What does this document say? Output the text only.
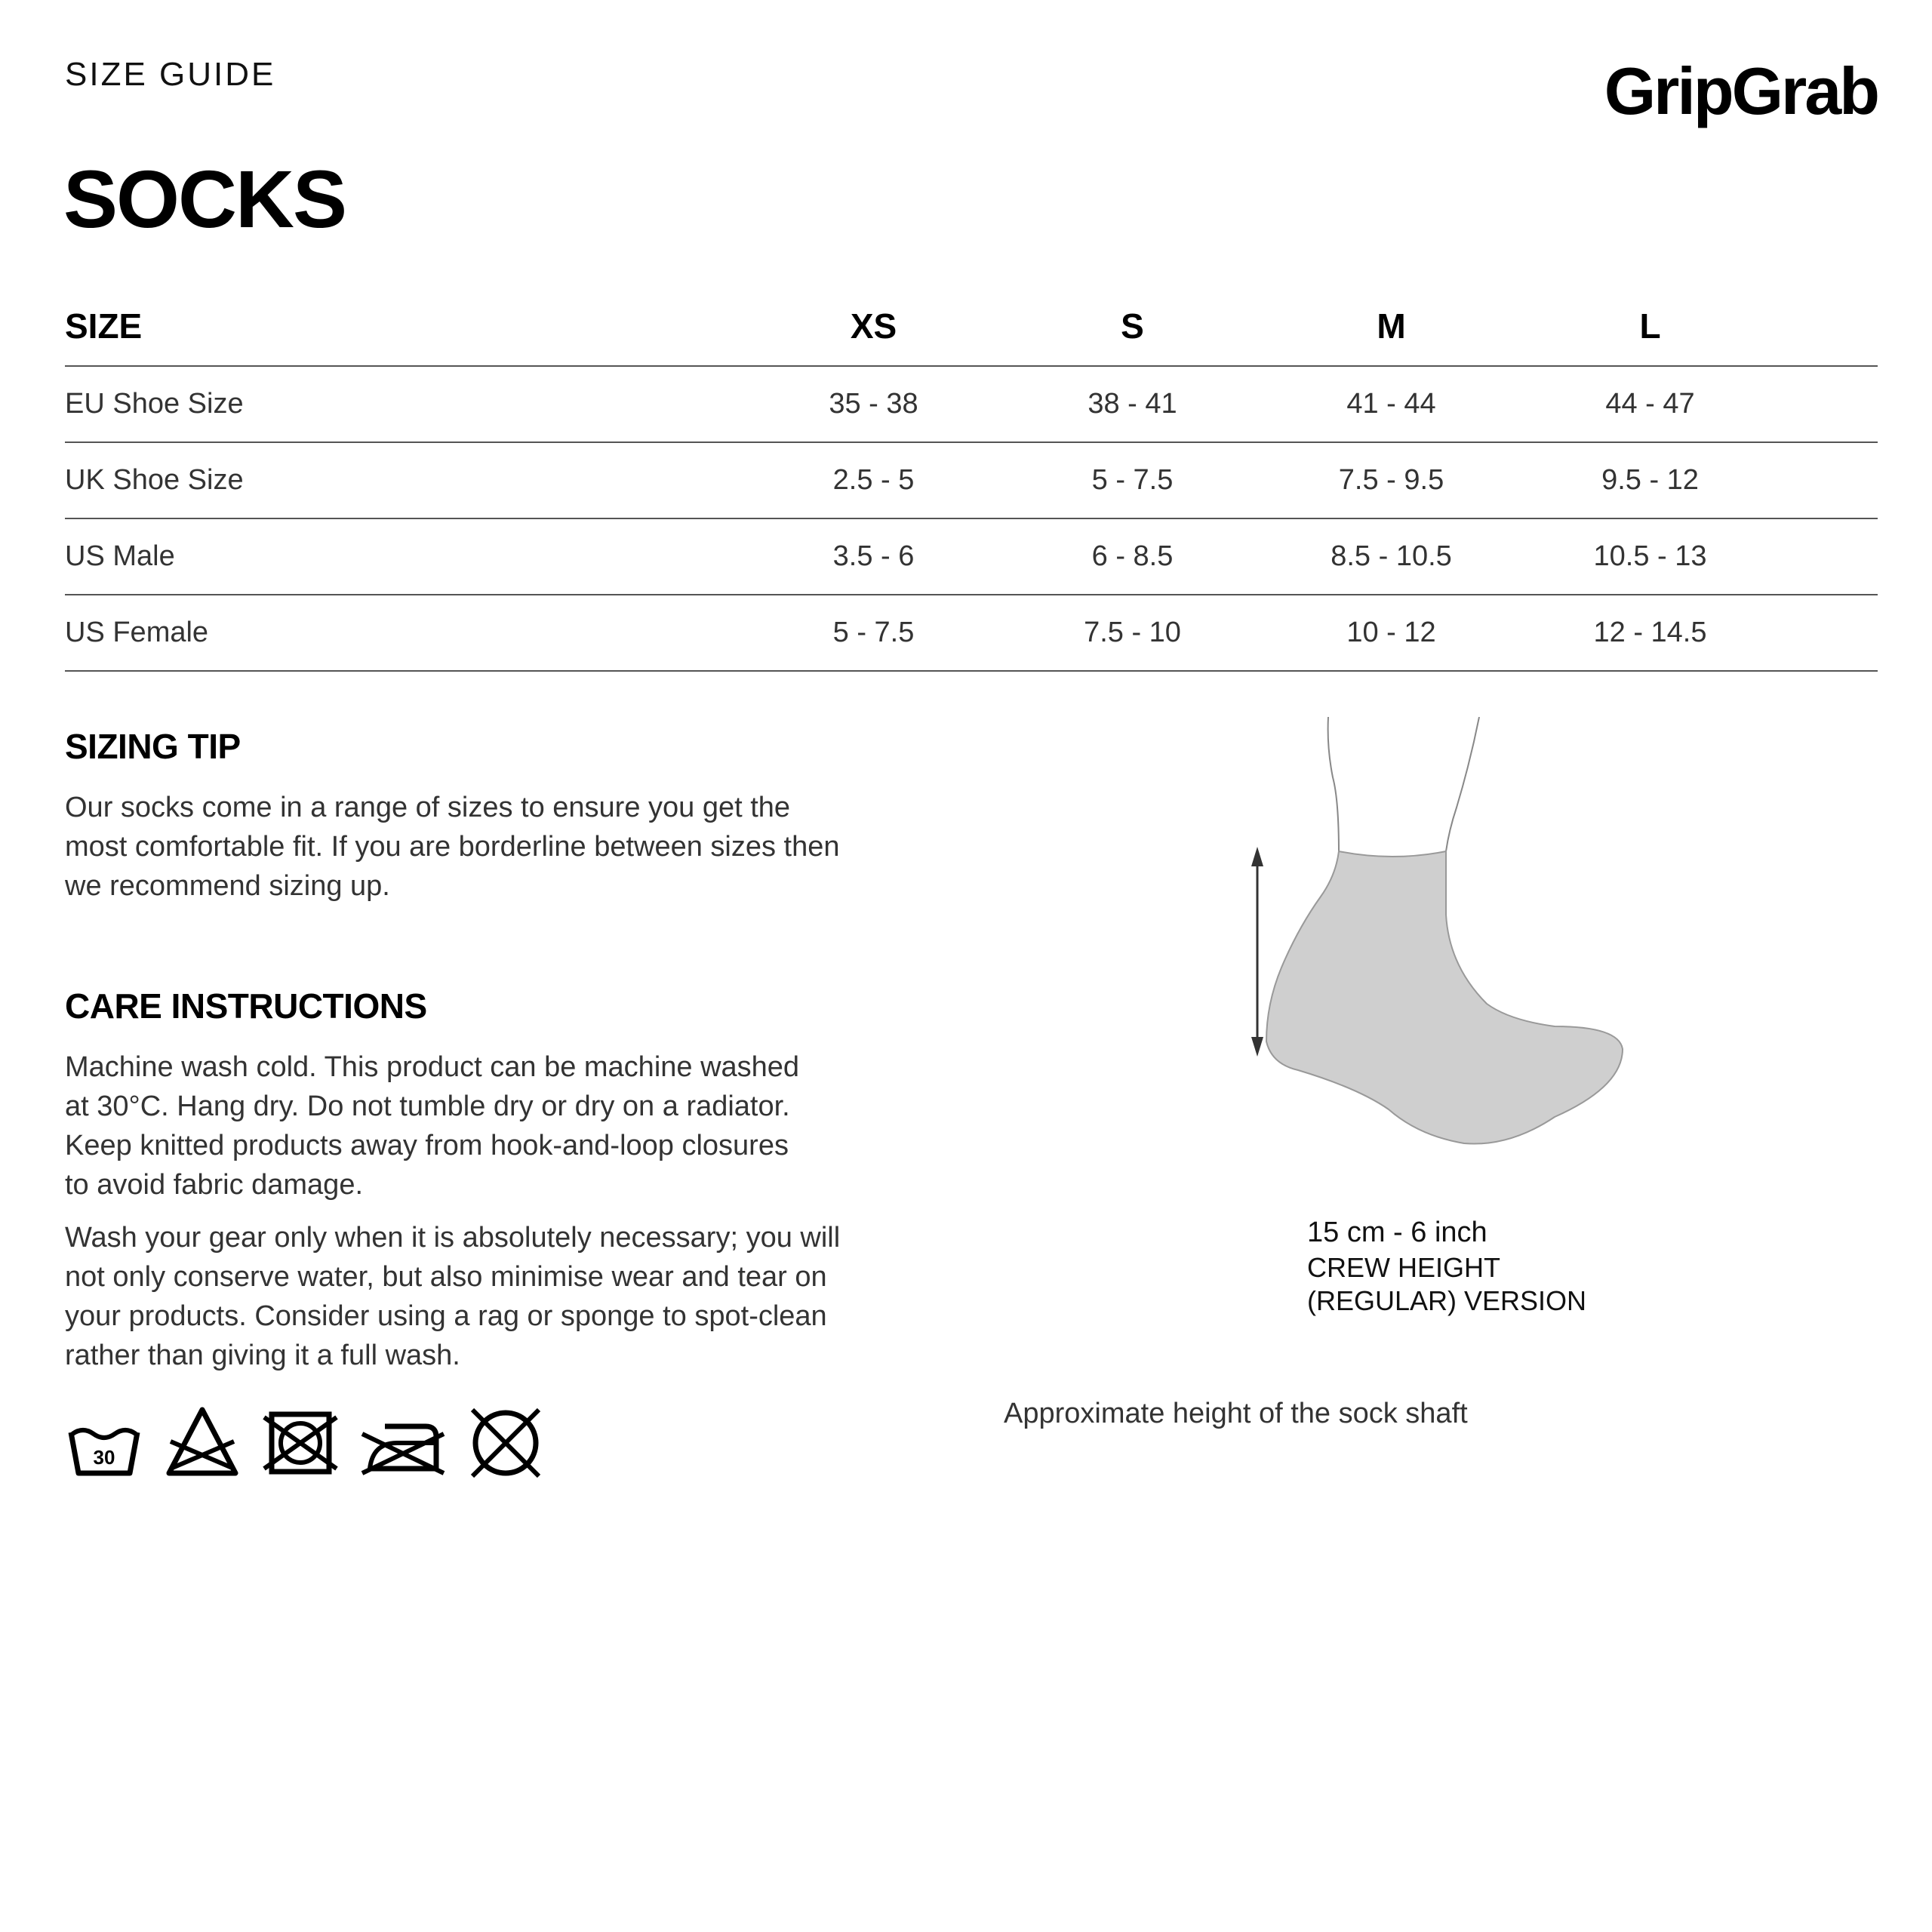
SIZE GUIDE	GripGrab
SOCKS
SIZE	XS	S	M	L	
EU Shoe Size	35 - 38	38 - 41	41 - 44	44 - 47	
UK Shoe Size	2.5 - 5	5 - 7.5	7.5 - 9.5	9.5 - 12	
US Male	3.5 - 6	6 - 8.5	8.5 - 10.5	10.5 - 13	
US Female	5 - 7.5	7.5 - 10	10 - 12	12 - 14.5	
SIZING TIP
Our socks come in a range of sizes to ensure you get the
most comfortable fit. If you are borderline between sizes then
we recommend sizing up.
CARE INSTRUCTIONS
Machine wash cold. This product can be machine washed
at 30°C. Hang dry. Do not tumble dry or dry on a radiator.
Keep knitted products away from hook-and-loop closures
to avoid fabric damage.
Wash your gear only when it is absolutely necessary; you will
not only conserve water, but also minimise wear and tear on
your products. Consider using a rag or sponge to spot-clean
rather than giving it a full wash.
30
15 cm - 6 inch
CREW HEIGHT
(REGULAR) VERSION
Approximate height of the sock shaft
